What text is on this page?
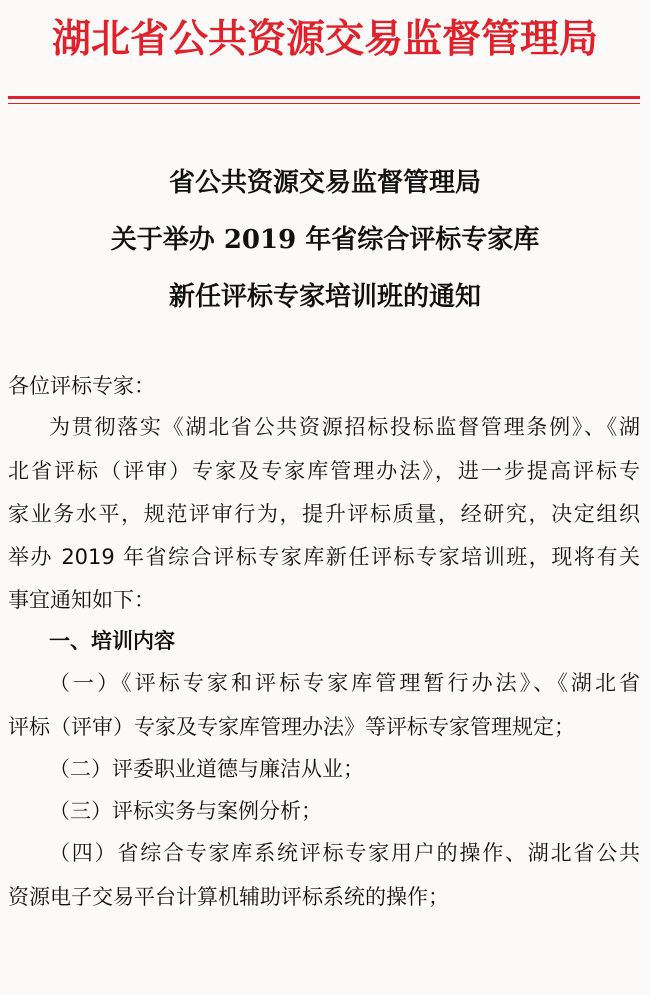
湖北省公共资源交易监督管理局
省公共资源交易监督管理局
关于举办 2019 年省综合评标专家库
新任评标专家培训班的通知
各位评标专家：
为贯彻落实《湖北省公共资源招标投标监督管理条例》、《湖
北省评标（评审）专家及专家库管理办法》，进一步提高评标专
家业务水平，规范评审行为，提升评标质量，经研究，决定组织
举办 2019 年省综合评标专家库新任评标专家培训班，现将有关
事宜通知如下：
一、培训内容
（一）《评标专家和评标专家库管理暂行办法》、《湖北省
评标（评审）专家及专家库管理办法》等评标专家管理规定；
（二）评委职业道德与廉洁从业；
（三）评标实务与案例分析；
（四）省综合专家库系统评标专家用户的操作、湖北省公共
资源电子交易平台计算机辅助评标系统的操作；
